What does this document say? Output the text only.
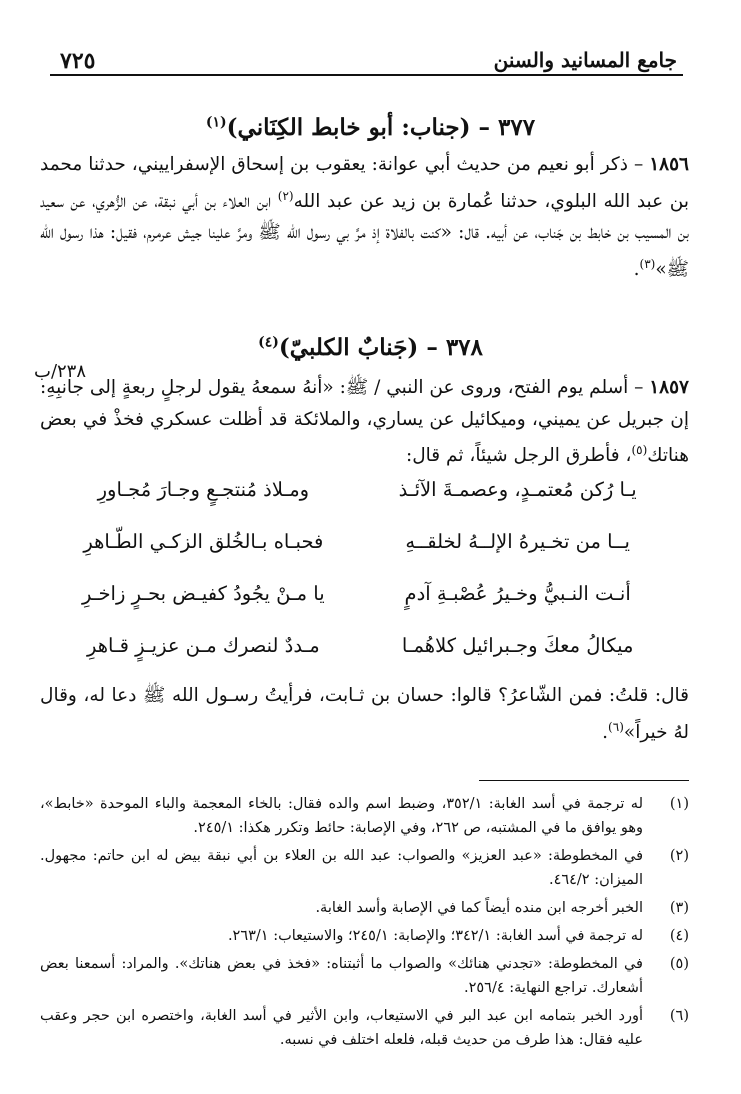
٧٢٥	جامع المسانيد والسنن
٣٧٧ – (جناب: أبو خابط الكِنَاني)$^{(١)}$
١٨٥٦ – ذكر أبو نعيم من حديث أبي عوانة: يعقوب بن إسحاق الإسفراييني، حدثنا محمد بن عبد الله البلوي، حدثنا عُمارة بن زيد عن عبد الله$^{(٢)}$ ابن العلاء بن أبي نبقة، عن الزُّهري، عن سعيد بن المسيب بن خابط بن جَناب، عن أبيه. قال: «كنت بالفلاة إذ مرَّ بي رسول الله ﷺ ومرَّ علينا جيش عرمرم، فقيل: هذا رسول الله ﷺ»$^{(٣)}$.
٣٧٨ – (جَنابٌ الكلبيّ)$^{(٤)}$
٢٣٨/ب
١٨٥٧ – أسلم يوم الفتح، وروى عن النبي / ﷺ: «أنهُ سمعهُ يقول لرجلٍ ربعةٍ إلى جانبِهِ: إن جبريل عن يميني، وميكائيل عن يساري، والملائكة قد أظلت عسكري فخذْ في بعض هناتك$^{(٥)}$، فأطرق الرجل شيئاً، ثم قال:
يـا رُكن مُعتمـدٍ، وعصمـةَ الآئـذ
ومـلاذ مُنتجـعٍ وجـارَ مُجـاورِ
يــا من تخـيرهُ الإلــهُ لخلقــهِ
فحبـاه بـالخُلق الزكـي الطّـاهرِ
أنـت النـبيُّ وخـيرُ عُصْبـةِ آدمٍ
يا مـنْ يجُودُ كفيـض بحـرٍ زاخـرِ
ميكالُ معكَ وجـبرائيل كلاهُمـا
مـددٌ لنصرك مـن عزيـزٍ قـاهرِ
قال: قلتُ: فمن الشّاعرُ؟ قالوا: حسان بن ثـابت، فرأيتُ رسـول الله ﷺ دعا له، وقال لهُ خيراً»$^{(٦)}$.
(١)
له ترجمة في أسد الغابة: ٣٥٢/١، وضبط اسم والده فقال: بالخاء المعجمة والباء الموحدة «خابط»، وهو يوافق ما في المشتبه، ص ٢٦٢، وفي الإصابة: حائط وتكرر هكذا: ٢٤٥/١.
(٢)
في المخطوطة: «عبد العزيز» والصواب: عبد الله بن العلاء بن أبي نبقة بيض له ابن حاتم: مجهول. الميزان: ٤٦٤/٢.
(٣)
الخبر أخرجه ابن منده أيضاً كما في الإصابة وأسد الغابة.
(٤)
له ترجمة في أسد الغابة: ٣٤٢/١؛ والإصابة: ٢٤٥/١؛ والاستيعاب: ٢٦٣/١.
(٥)
في المخطوطة: «تجدني هنائك» والصواب ما أثبتناه: «فخذ في بعض هناتك». والمراد: أسمعنا بعض أشعارك. تراجع النهاية: ٢٥٦/٤.
(٦)
أورد الخبر بتمامه ابن عبد البر في الاستيعاب، وابن الأثير في أسد الغابة، واختصره ابن حجر وعقب عليه فقال: هذا طرف من حديث قبله، فلعله اختلف في نسبه.
